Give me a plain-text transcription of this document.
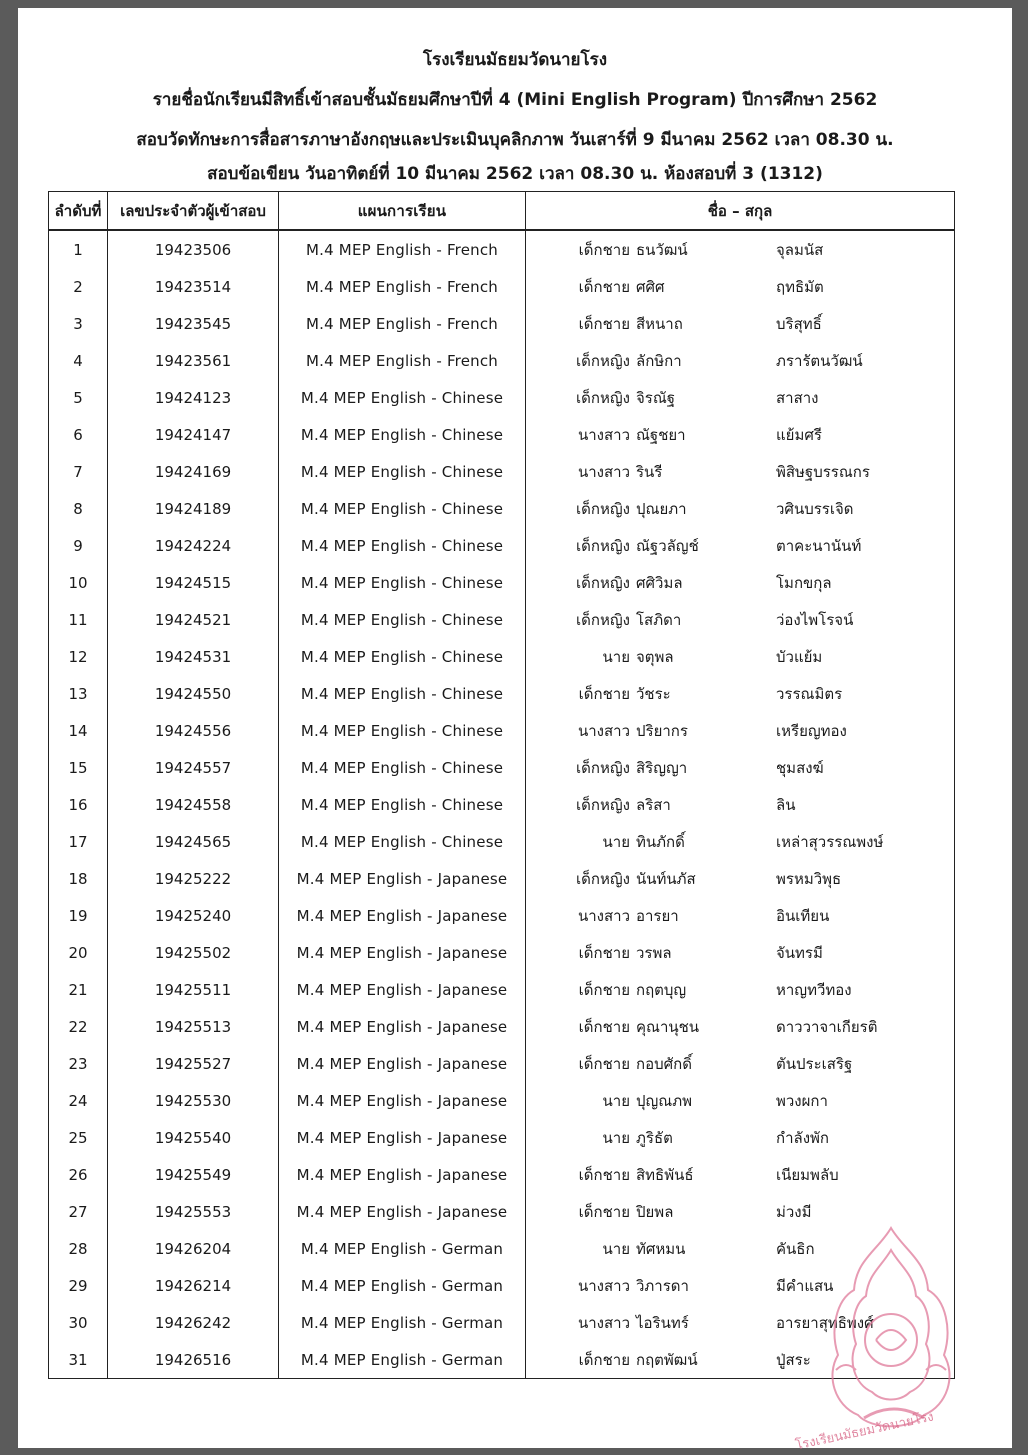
โรงเรียนมัธยมวัดนายโรง
รายชื่อนักเรียนมีสิทธิ์เข้าสอบชั้นมัธยมศึกษาปีที่ 4 (Mini English Program) ปีการศึกษา 2562
สอบวัดทักษะการสื่อสารภาษาอังกฤษและประเมินบุคลิกภาพ วันเสาร์ที่ 9 มีนาคม 2562 เวลา 08.30 น.
สอบข้อเขียน วันอาทิตย์ที่ 10 มีนาคม 2562 เวลา 08.30 น. ห้องสอบที่ 3 (1312)
ลำดับที่	เลขประจำตัวผู้เข้าสอบ	แผนการเรียน	ชื่อ – สกุล
1	19423506	M.4 MEP English - French	เด็กชาย ธนวัฒน์ จุลมนัส

2	19423514	M.4 MEP English - French	เด็กชาย ศศิศ ฤทธิมัต

3	19423545	M.4 MEP English - French	เด็กชาย สีหนาถ บริสุทธิ์

4	19423561	M.4 MEP English - French	เด็กหญิง ลักษิกา ภรารัตนวัฒน์

5	19424123	M.4 MEP English - Chinese	เด็กหญิง จิรณัฐ สาสาง

6	19424147	M.4 MEP English - Chinese	นางสาว ณัฐชยา แย้มศรี

7	19424169	M.4 MEP English - Chinese	นางสาว รินรี พิสิษฐบรรณกร

8	19424189	M.4 MEP English - Chinese	เด็กหญิง ปุณยภา วศินบรรเจิด

9	19424224	M.4 MEP English - Chinese	เด็กหญิง ณัฐวลัญช์ ตาคะนานันท์

10	19424515	M.4 MEP English - Chinese	เด็กหญิง ศศิวิมล โมกขกุล

11	19424521	M.4 MEP English - Chinese	เด็กหญิง โสภิดา ว่องไพโรจน์

12	19424531	M.4 MEP English - Chinese	นาย จตุพล บัวแย้ม

13	19424550	M.4 MEP English - Chinese	เด็กชาย วัชระ วรรณมิตร

14	19424556	M.4 MEP English - Chinese	นางสาว ปริยากร เหรียญทอง

15	19424557	M.4 MEP English - Chinese	เด็กหญิง สิริญญา ชุมสงฆ์

16	19424558	M.4 MEP English - Chinese	เด็กหญิง ลริสา ลิน

17	19424565	M.4 MEP English - Chinese	นาย ทินภักดิ์ เหล่าสุวรรณพงษ์

18	19425222	M.4 MEP English - Japanese	เด็กหญิง นันท์นภัส พรหมวิพุธ

19	19425240	M.4 MEP English - Japanese	นางสาว อารยา อินเทียน

20	19425502	M.4 MEP English - Japanese	เด็กชาย วรพล จันทรมี

21	19425511	M.4 MEP English - Japanese	เด็กชาย กฤตบุญ หาญทวีทอง

22	19425513	M.4 MEP English - Japanese	เด็กชาย คุณานุชน ดาววาจาเกียรติ

23	19425527	M.4 MEP English - Japanese	เด็กชาย กอบศักดิ์ ตันประเสริฐ

24	19425530	M.4 MEP English - Japanese	นาย ปุญณภพ พวงผกา

25	19425540	M.4 MEP English - Japanese	นาย ภูริธัต กำลังพัก

26	19425549	M.4 MEP English - Japanese	เด็กชาย สิทธิพันธ์ เนียมพลับ

27	19425553	M.4 MEP English - Japanese	เด็กชาย ปิยพล ม่วงมี

28	19426204	M.4 MEP English - German	นาย ทัศหมน คันธิก

29	19426214	M.4 MEP English - German	นางสาว วิภารดา มีคำแสน

30	19426242	M.4 MEP English - German	นางสาว ไอรินทร์ อารยาสุทธิพงศ์

31	19426516	M.4 MEP English - German	เด็กชาย กฤตพัฒน์ ปู่สระ
โรงเรียนมัธยมวัดนายโรง
